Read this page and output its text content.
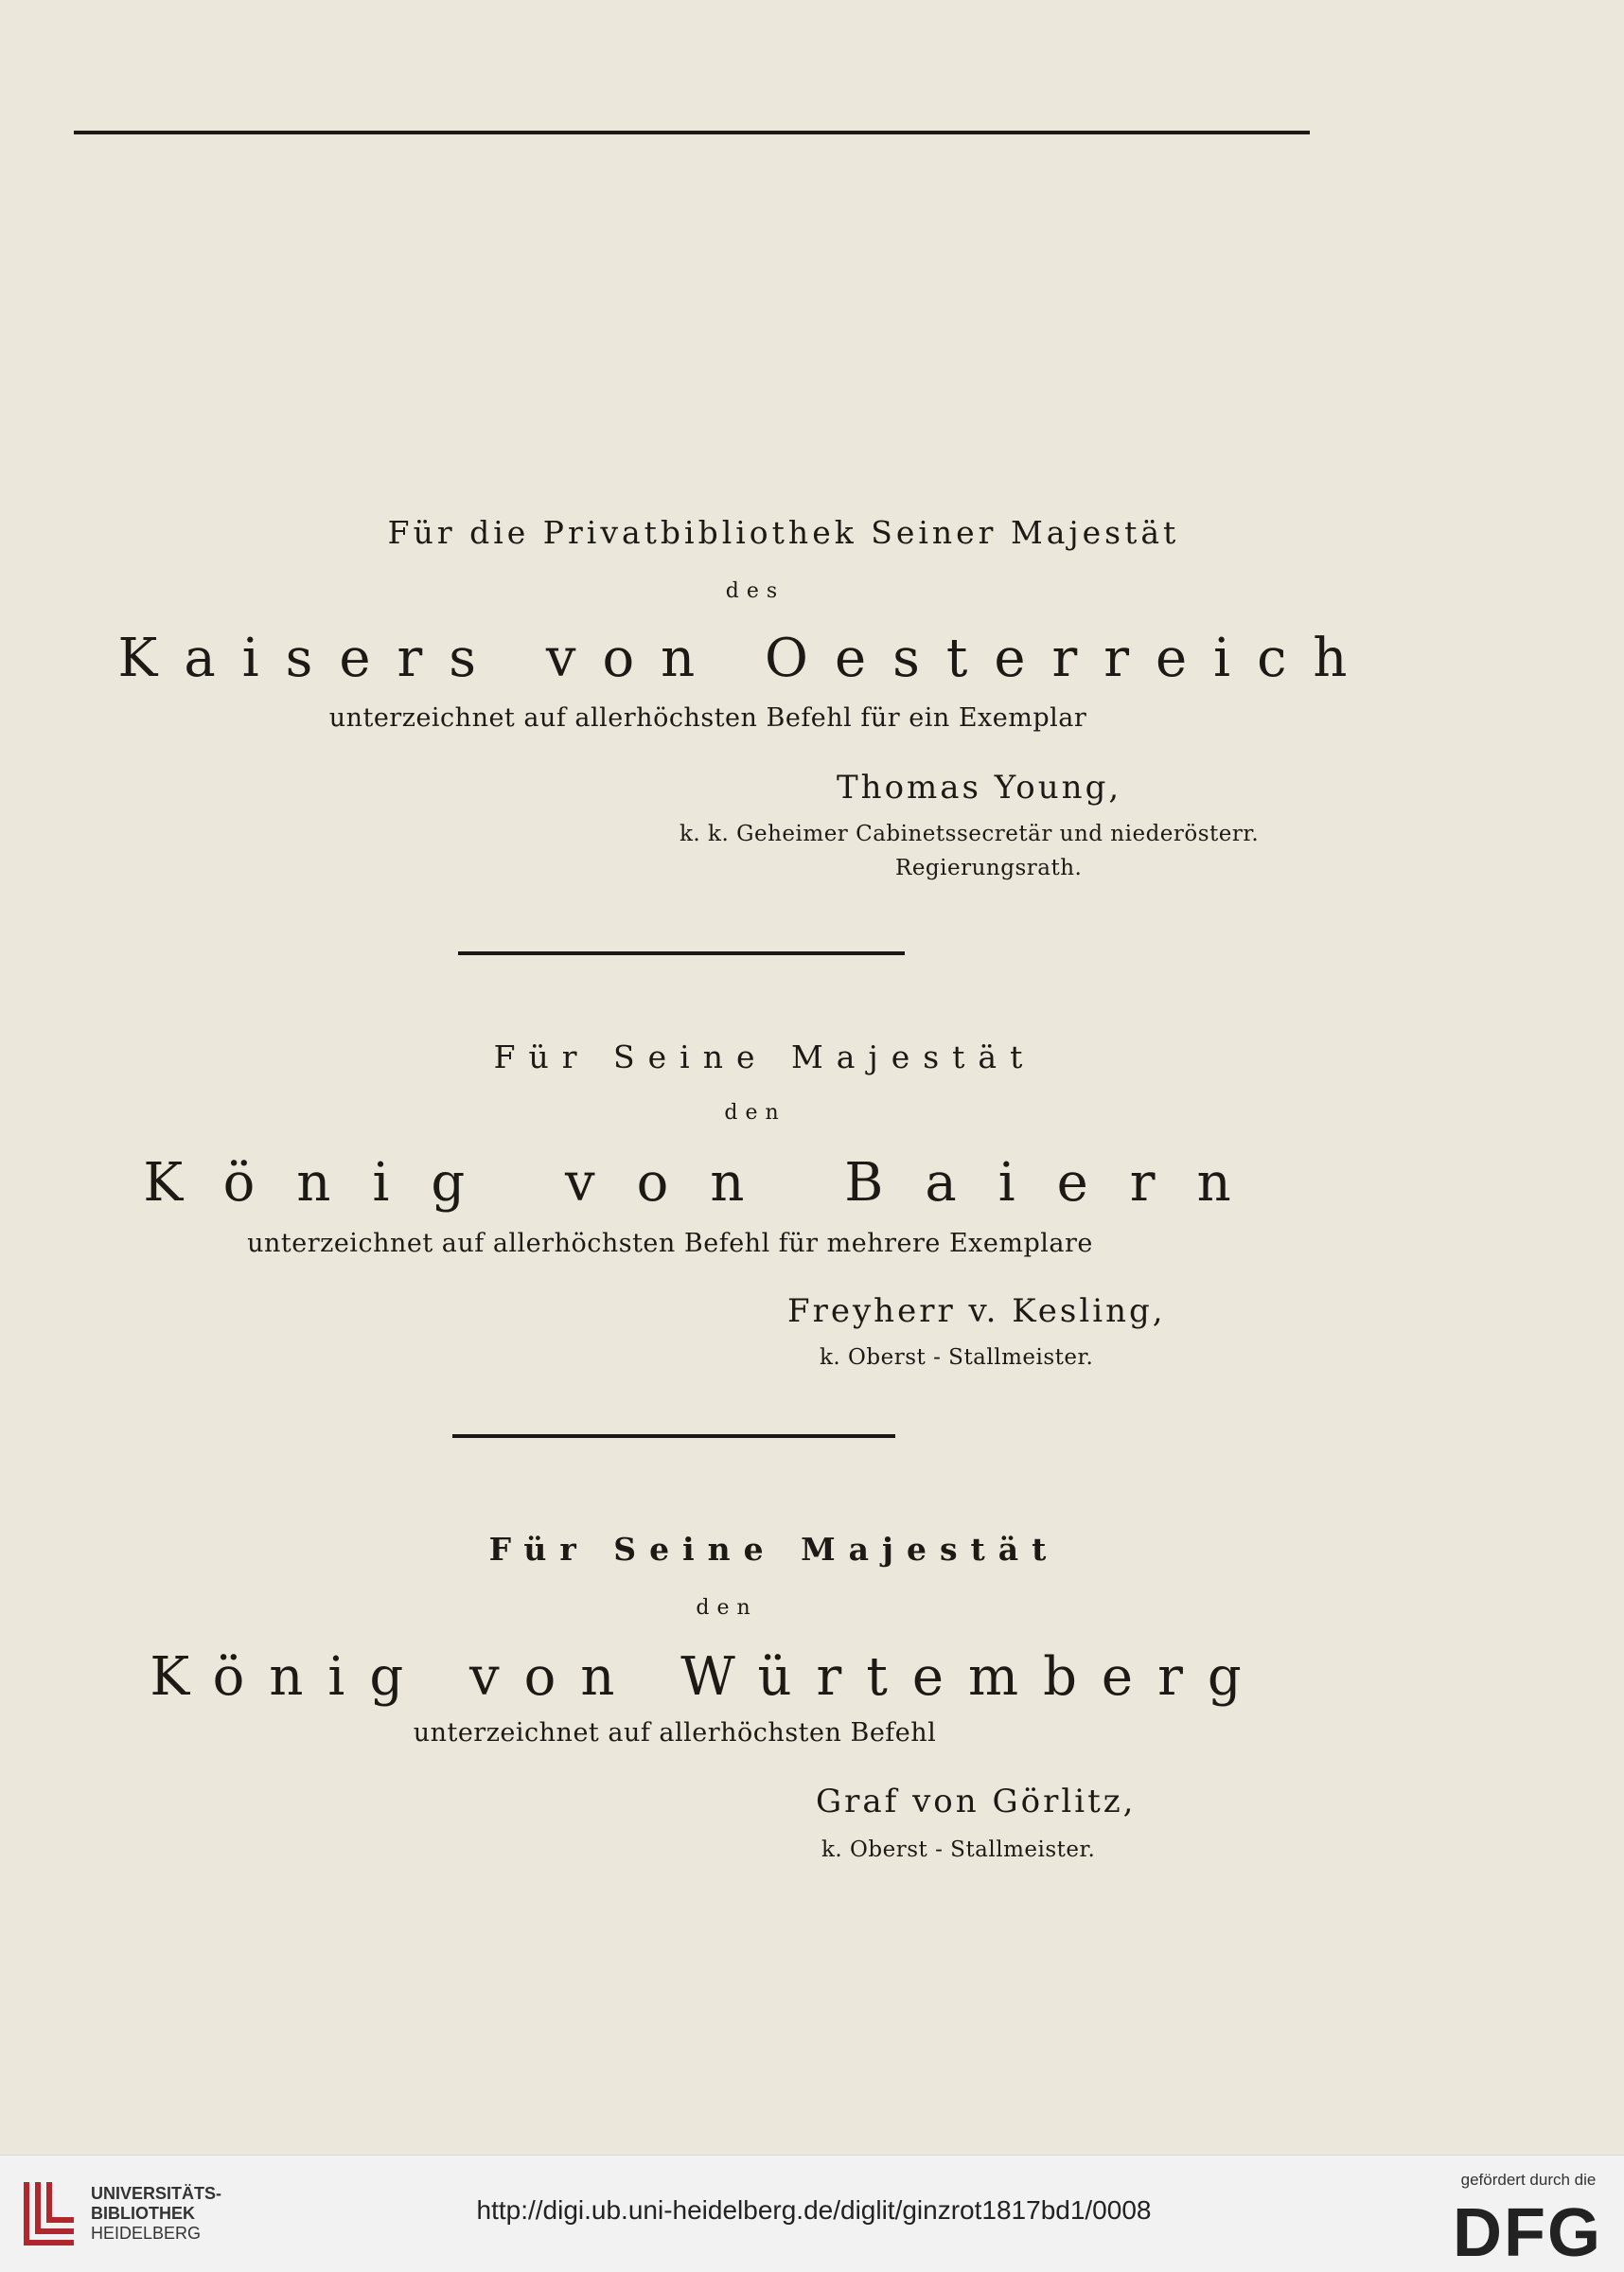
Für die Privatbibliothek Seiner Majestät
des
Kaisers von Oesterreich
unterzeichnet auf allerhöchsten Befehl für ein Exemplar
Thomas Young,
k. k. Geheimer Cabinetssecretär und niederösterr.
Regierungsrath.
Für Seine Majestät
den
König von Baiern
unterzeichnet auf allerhöchsten Befehl für mehrere Exemplare
Freyherr v. Kesling,
k. Oberst - Stallmeister.
Für Seine Majestät
den
König von Würtemberg
unterzeichnet auf allerhöchsten Befehl
Graf von Görlitz,
k. Oberst - Stallmeister.
UNIVERSITÄTS-
BIBLIOTHEK
HEIDELBERG
http://digi.ub.uni-heidelberg.de/diglit/ginzrot1817bd1/0008
gefördert durch die
DFG
